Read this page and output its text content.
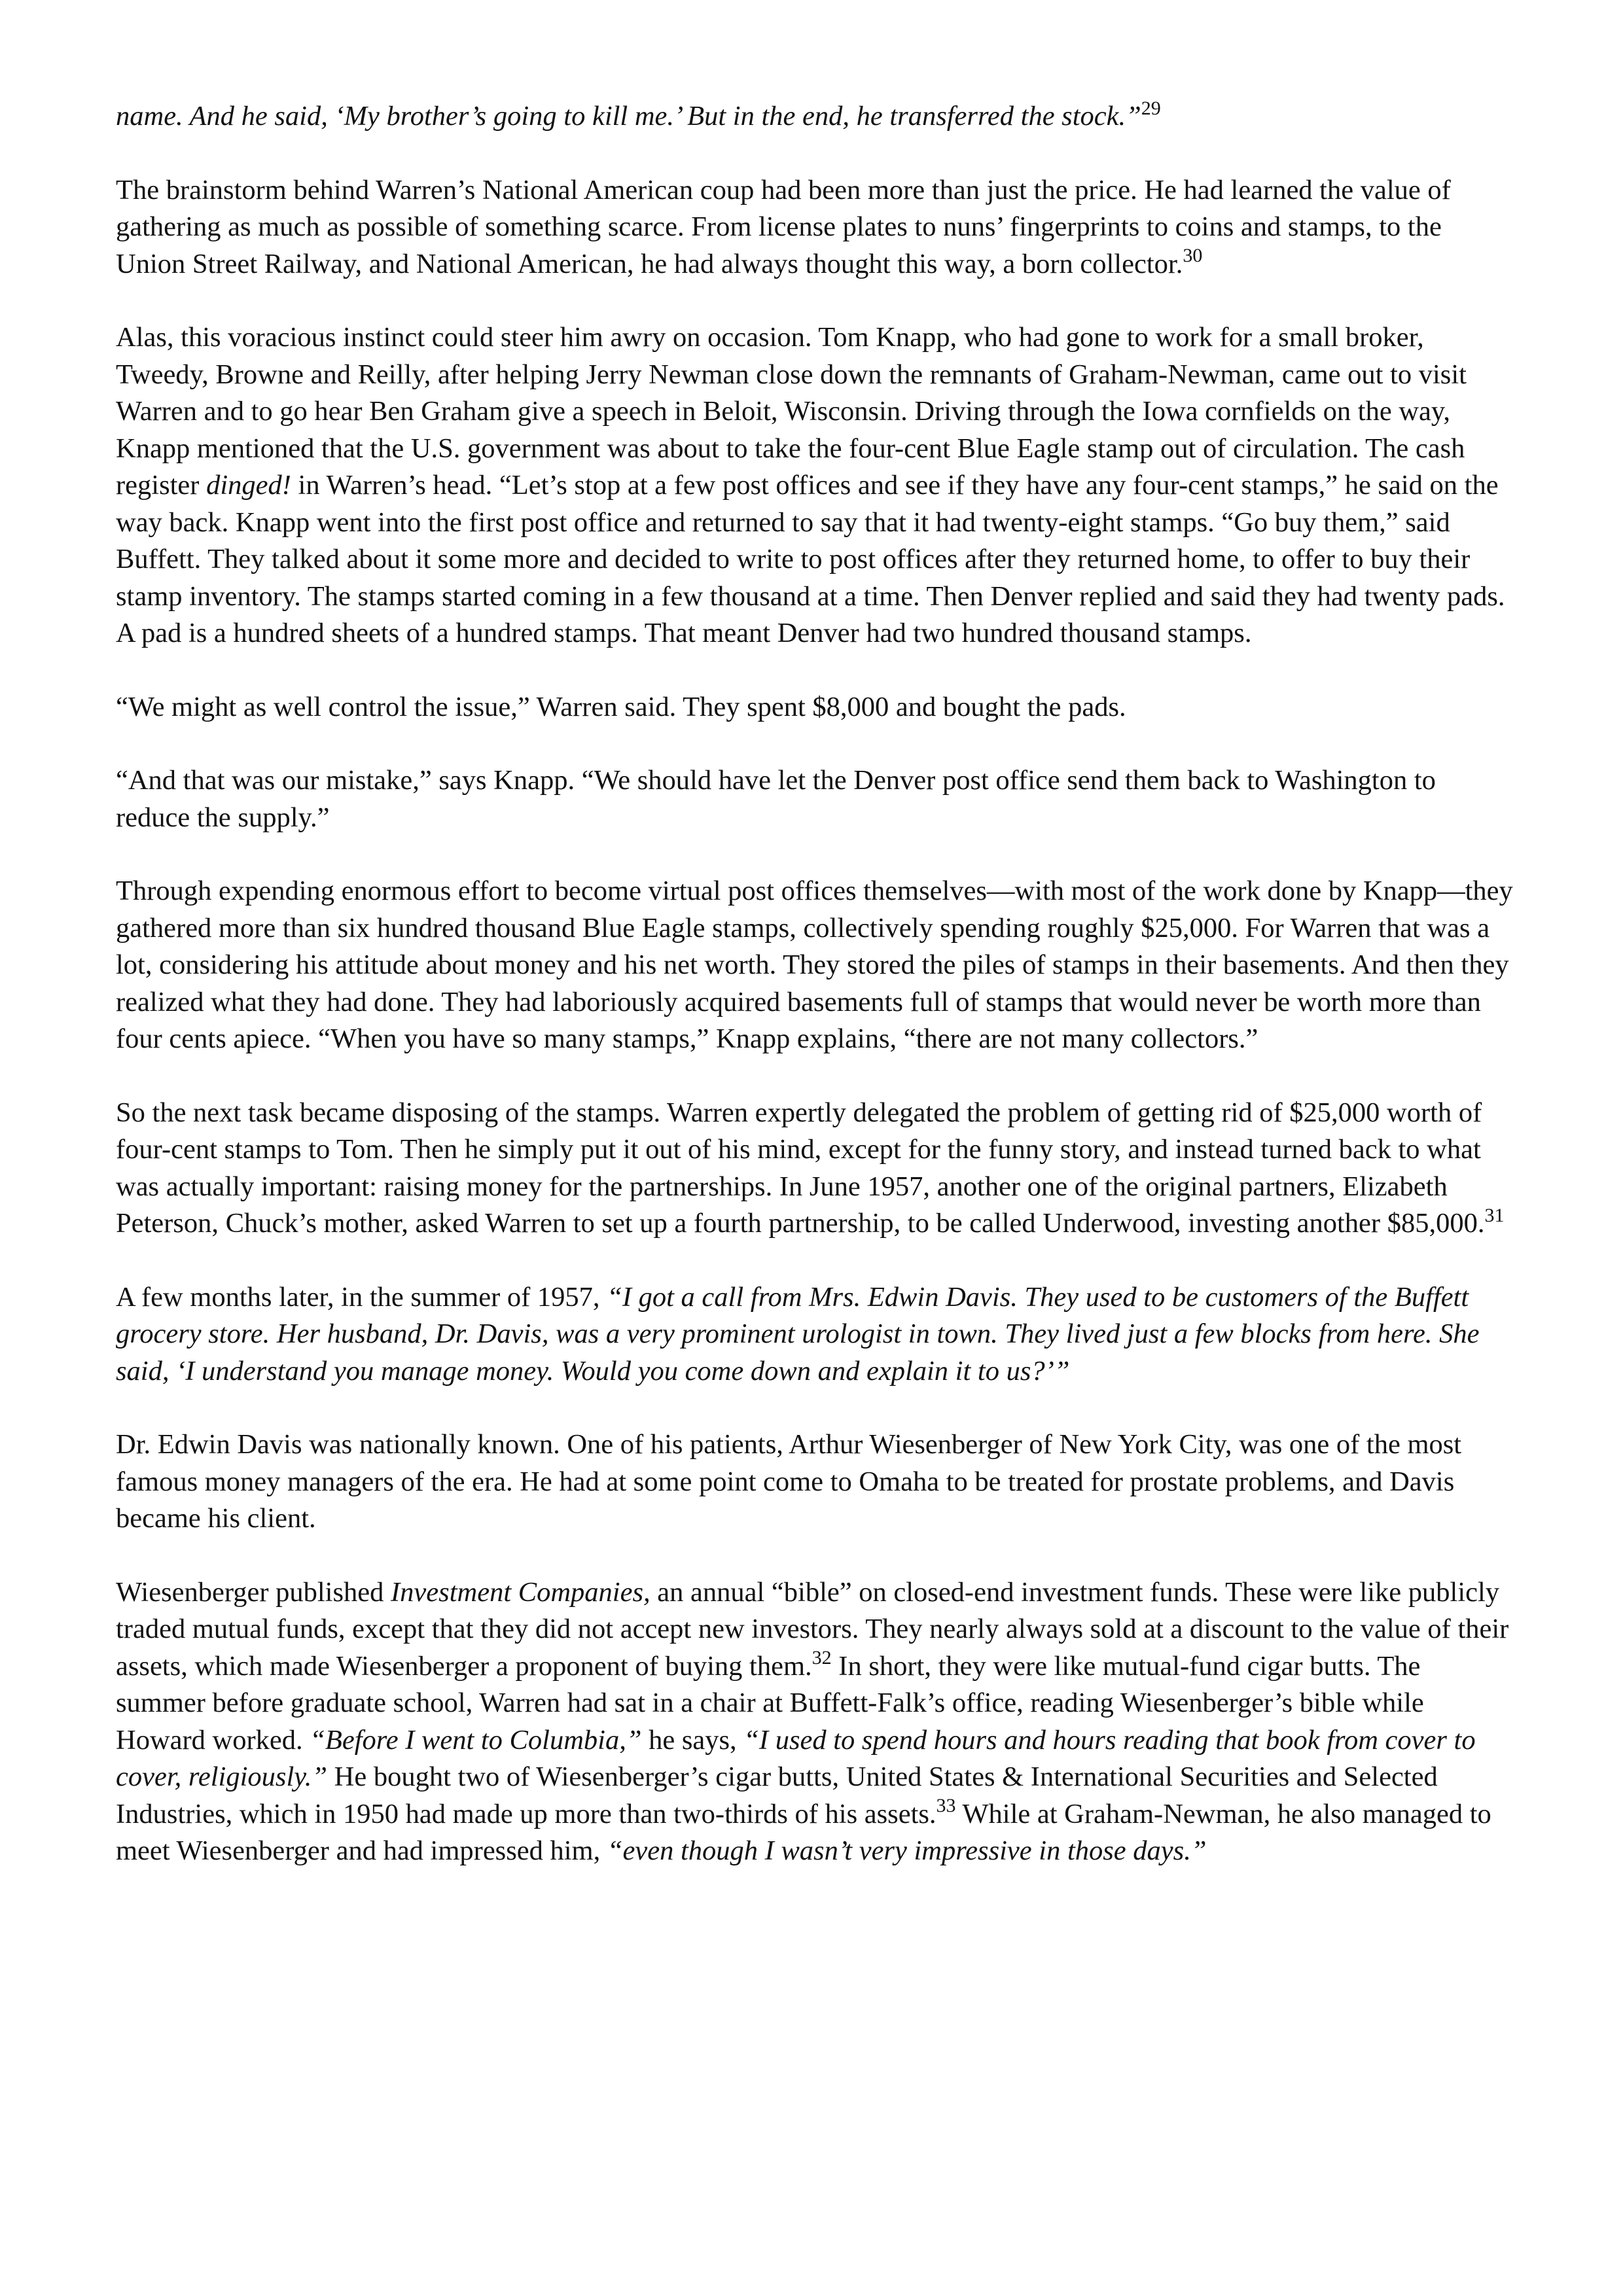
name. And he said, ‘My brother’s going to kill me.’ But in the end, he transferred the stock.”$^{29}$

The brainstorm behind Warren’s National American coup had been more than just the price. He had learned the value of gathering as much as possible of something scarce. From license plates to nuns’ fingerprints to coins and stamps, to the Union Street Railway, and National American, he had always thought this way, a born collector.$^{30}$

Alas, this voracious instinct could steer him awry on occasion. Tom Knapp, who had gone to work for a small broker, Tweedy, Browne and Reilly, after helping Jerry Newman close down the remnants of Graham-Newman, came out to visit Warren and to go hear Ben Graham give a speech in Beloit, Wisconsin. Driving through the Iowa cornfields on the way, Knapp mentioned that the U.S. government was about to take the four-cent Blue Eagle stamp out of circulation. The cash register dinged! in Warren’s head. “Let’s stop at a few post offices and see if they have any four-cent stamps,” he said on the way back. Knapp went into the first post office and returned to say that it had twenty-eight stamps. “Go buy them,” said Buffett. They talked about it some more and decided to write to post offices after they returned home, to offer to buy their stamp inventory. The stamps started coming in a few thousand at a time. Then Denver replied and said they had twenty pads. A pad is a hundred sheets of a hundred stamps. That meant Denver had two hundred thousand stamps.

“We might as well control the issue,” Warren said. They spent $8,000 and bought the pads.

“And that was our mistake,” says Knapp. “We should have let the Denver post office send them back to Washington to reduce the supply.”

Through expending enormous effort to become virtual post offices themselves—with most of the work done by Knapp—they gathered more than six hundred thousand Blue Eagle stamps, collectively spending roughly $25,000. For Warren that was a lot, considering his attitude about money and his net worth. They stored the piles of stamps in their basements. And then they realized what they had done. They had laboriously acquired basements full of stamps that would never be worth more than four cents apiece. “When you have so many stamps,” Knapp explains, “there are not many collectors.”

So the next task became disposing of the stamps. Warren expertly delegated the problem of getting rid of $25,000 worth of four-cent stamps to Tom. Then he simply put it out of his mind, except for the funny story, and instead turned back to what was actually important: raising money for the partnerships. In June 1957, another one of the original partners, Elizabeth Peterson, Chuck’s mother, asked Warren to set up a fourth partnership, to be called Underwood, investing another $85,000.31

A few months later, in the summer of 1957, “I got a call from Mrs. Edwin Davis. They used to be customers of the Buffett grocery store. Her husband, Dr. Davis, was a very prominent urologist in town. They lived just a few blocks from here. She said, ‘I understand you manage money. Would you come down and explain it to us?’”

Dr. Edwin Davis was nationally known. One of his patients, Arthur Wiesenberger of New York City, was one of the most famous money managers of the era. He had at some point come to Omaha to be treated for prostate problems, and Davis became his client.

Wiesenberger published Investment Companies, an annual “bible” on closed-end investment funds. These were like publicly traded mutual funds, except that they did not accept new investors. They nearly always sold at a discount to the value of their assets, which made Wiesenberger a proponent of buying them.$^{32}$ In short, they were like mutual-fund cigar butts. The summer before graduate school, Warren had sat in a chair at Buffett-Falk’s office, reading Wiesenberger’s bible while Howard worked. “Before I went to Columbia,” he says, “I used to spend hours and hours reading that book from cover to cover, religiously.” He bought two of Wiesenberger’s cigar butts, United States & International Securities and Selected Industries, which in 1950 had made up more than two-thirds of his assets.$^{33}$ While at Graham-Newman, he also managed to meet Wiesenberger and had impressed him, “even though I wasn’t very impressive in those days.”
